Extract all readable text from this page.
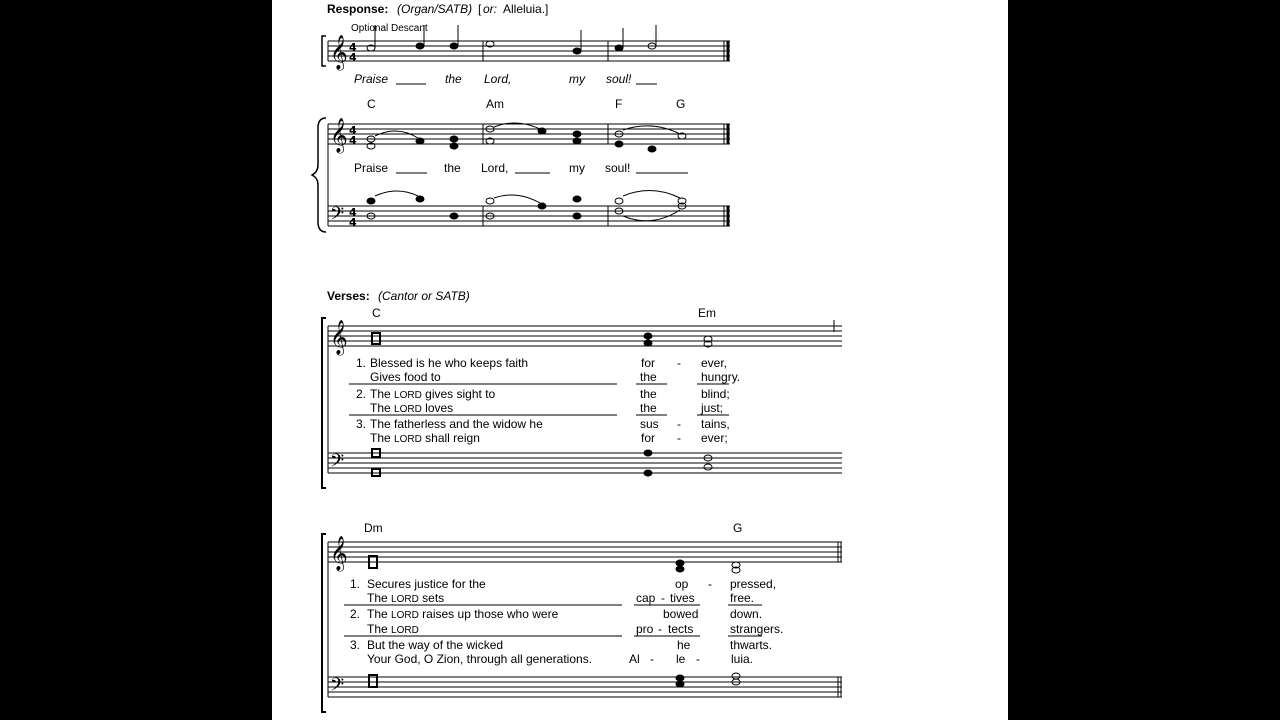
Response: (Organ/SATB) [ or: Alleluia.]
Optional Descant
Praise	the Lord,	my soul!
C	Am	F	G
Praise	the Lord,	my soul!
Verses: (Cantor or SATB)
C	Em
1. Blessed is he who keeps faith	for - ever,
Gives food to	the	hungry.
2. The LORD gives sight to	the	blind;
The LORD loves	the	just;
3. The fatherless and the widow he	sus - tains,
The LORD shall reign	for - ever;
Dm	G
1. Secures justice for the	op - pressed,
The LORD sets	cap - tives	free.
2. The LORD raises up those who were	bowed	down.
The LORD	pro - tects	strangers.
3. But the way of the wicked	he	thwarts.
Your God, O Zion, through all generations.	Al - le -	luia.
𝄞
𝄞
𝄢
𝄞
𝄢
𝄞
𝄢
4
4
4
4
4
4
